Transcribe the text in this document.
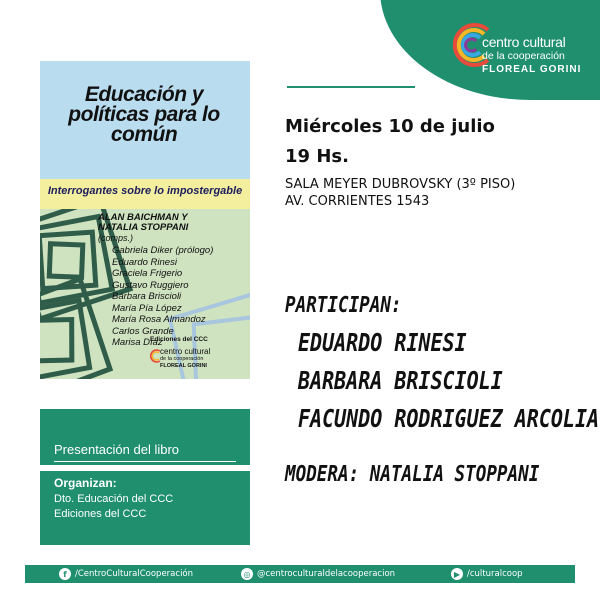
centro cultural
de la cooperación
FLOREAL GORINI
Educación y políticas para lo común
Interrogantes sobre lo impostergable
ALAN BAICHMAN Y
NATALIA STOPPANI
(comps.)
Gabriela Diker (prólogo)
Eduardo Rinesi
Graciela Frigerio
Gustavo Ruggiero
Bárbara Briscioli
María Pía López
María Rosa Almandoz
Carlos Grande
Marisa Díaz
Ediciones del CCC
centro cultural
de la cooperación
FLOREAL GORINI
Presentación del libro
Organizan:
Dto. Educación del CCC
Ediciones del CCC
Miércoles 10 de julio
19 Hs.
SALA MEYER DUBROVSKY (3º PISO)
AV. CORRIENTES 1543
PARTICIPAN:
EDUARDO RINESI
BARBARA BRISCIOLI
FACUNDO RODRIGUEZ ARCOLIA
MODERA: NATALIA STOPPANI
f /CentroCulturalCooperación	◎ @centroculturaldelacooperacion	▶ /culturalcoop
